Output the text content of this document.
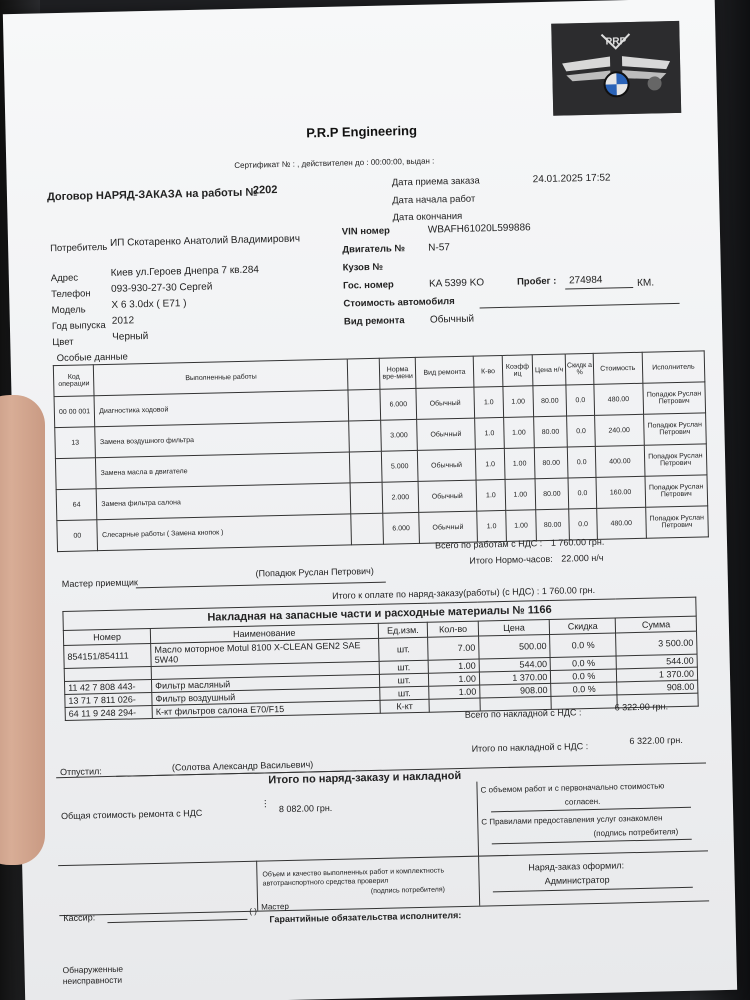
PRP
P.R.P Engineering
Сертификат № : , действителен до : 00:00:00, выдан :
Договор НАРЯД-ЗАКАЗА на работы №
2202
Дата приема заказа	24.01.2025 17:52
Дата начала работ
Дата окончания
Потребитель ИП Скотаренко Анатолий Владимирович
Адрес	Киев ул.Героев Днепра 7 кв.284
Телефон 093-930-27-30 Сергей
Модель	X 6 3.0dx ( E71 )
Год выпуска 2012
Цвет	Черный
Особые данные
VIN номер	WBAFH61020L599886
Двигатель № N-57
Кузов №
Гос. номер	KA 5399 KO	Пробег : 274984	КМ.
Стоимость автомобиля
Вид ремонта	Обычный
Код операции	Выполненные работы		Норма вре-мени	Вид ремонта	К-во	Коэфф иц	Цена н/ч	Скидк а %	Стоимость	Исполнитель
00 00 001	Диагностика ходовой		6.000	Обычный	1.0	1.00	80.00	0.0	480.00	Попадюк Руслан Петрович
13	Замена воздушного фильтра		3.000	Обычный	1.0	1.00	80.00	0.0	240.00	Попадюк Руслан Петрович
	Замена масла в двигателе		5.000	Обычный	1.0	1.00	80.00	0.0	400.00	Попадюк Руслан Петрович
64	Замена фильтра салона		2.000	Обычный	1.0	1.00	80.00	0.0	160.00	Попадюк Руслан Петрович
00	Слесарные работы ( Замена кнопок )		6.000	Обычный	1.0	1.00	80.00	0.0	480.00	Попадюк Руслан Петрович
Всего по работам с НДС : 1 760.00 грн.
Итого Нормо-часов: 22.000 н/ч
Мастер приемщик
(Попадюк Руслан Петрович)
Итого к оплате по наряд-заказу(работы) (с НДС) : 1 760.00 грн.
Накладная на запасные части и расходные материалы № 1166						
Номер	Наименование	Ед.изм.	Кол-во	Цена	Скидка	Сумма
854151/854111	Масло моторное Motul 8100 X-CLEAN GEN2 SAE 5W40	шт.	7.00	500.00	0.0 %	3 500.00
		шт.	1.00	544.00	0.0 %	544.00
11 42 7 808 443-	Фильтр масляный	шт.	1.00	1 370.00	0.0 %	1 370.00
13 71 7 811 026-	Фильтр воздушный	шт.	1.00	908.00	0.0 %	908.00
64 11 9 248 294-	К-кт фильтров салона E70/F15	К-кт				
Всего по накладной с НДС :
6 322.00 грн.
Итого по накладной с НДС :
6 322.00 грн.
Отпустил:	(Солотва Александр Васильевич)
Итого по наряд-заказу и накладной
Общая стоимость ремонта с НДС	8 082.00 грн.
⋮
С объемом работ и с первоначально стоимостью
согласен.
С Правилами предоставления услуг ознакомлен
(подпись потребителя)
Объем и качество выполненных работ и комплектность автотранспортного средства проверил
(подпись потребителя)
Наряд-заказ оформил:
Администратор
Кассир:
( ) Мастер
Гарантийные обязательства исполнителя:
Обнаруженные неисправности
